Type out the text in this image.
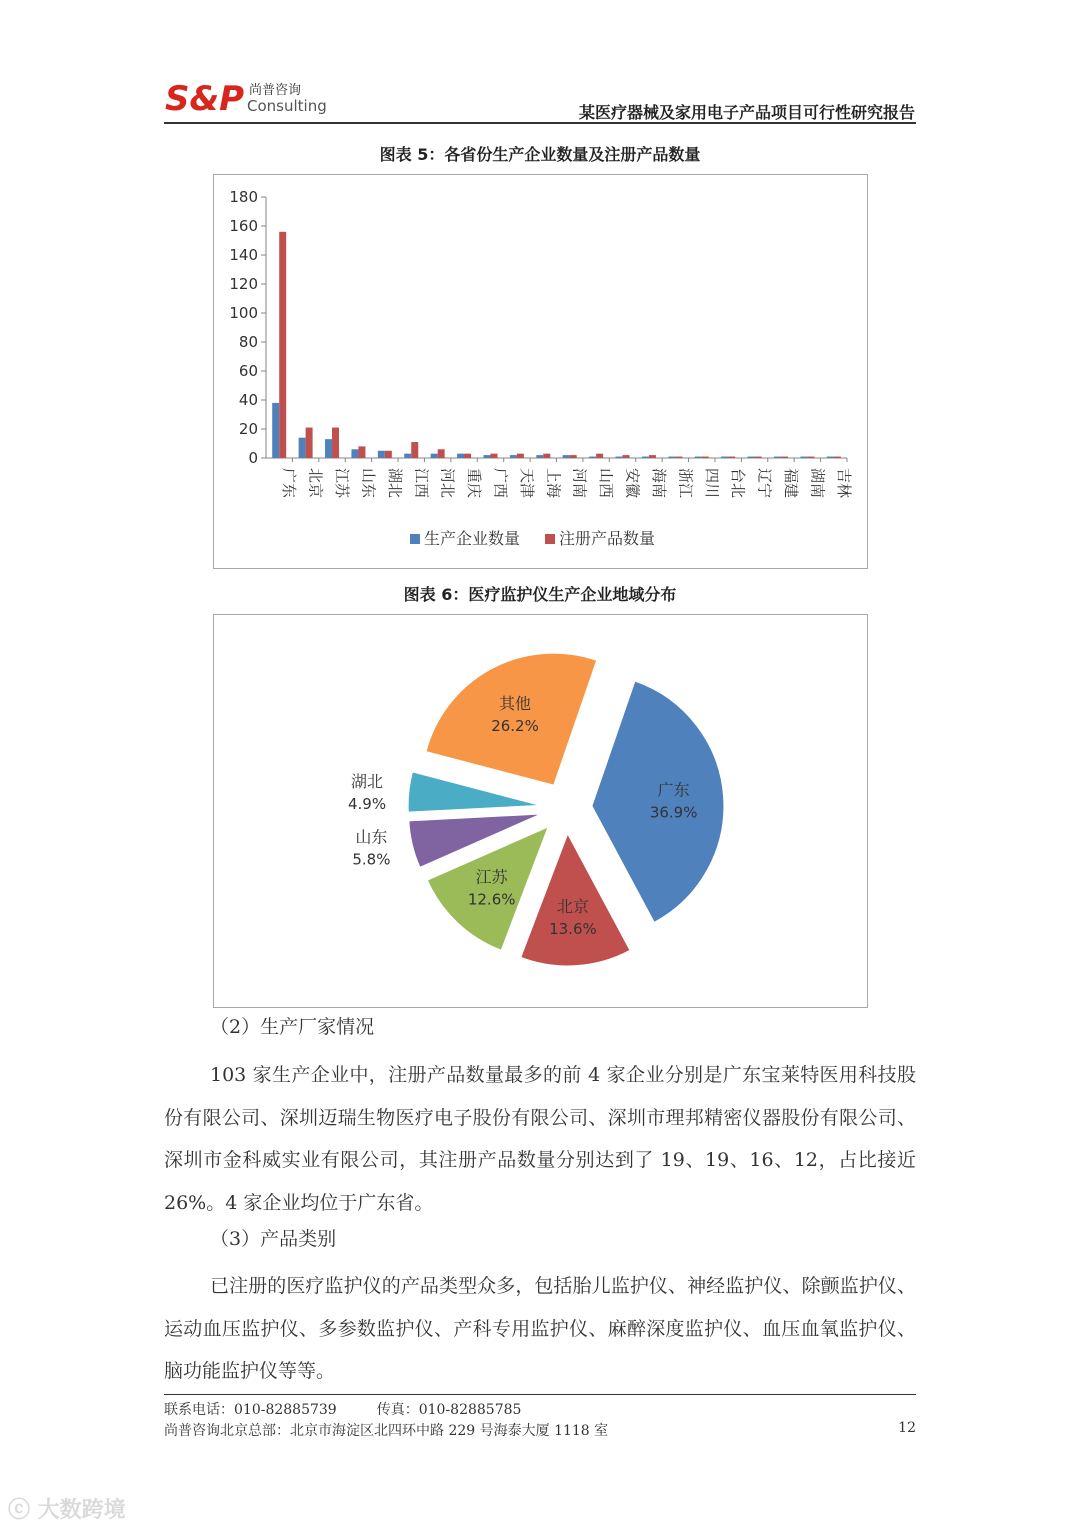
S&P 尚普咨询
Consulting	某医疗器械及家用电子产品项目可行性研究报告
图表 5：各省份生产企业数量及注册产品数量
0
20
40
60
80
100
120
140
160
180
广东 北京 江苏 山东 湖北 江西 河北 重庆 广西 天津 上海 河南 山西 安徽 海南 浙江 四川 台北 辽宁 福建 湖南 吉林
生产企业数量 注册产品数量
图表 6：医疗监护仪生产企业地域分布
广东
36.9%
北京
13.6%
江苏
12.6%
山东
5.8%
湖北
4.9%
其他
26.2%
（2）生产厂家情况
103 家生产企业中，注册产品数量最多的前 4 家企业分别是广东宝莱特医用科技股份有限公司、深圳迈瑞生物医疗电子股份有限公司、深圳市理邦精密仪器股份有限公司、深圳市金科威实业有限公司，其注册产品数量分别达到了 19、19、16、12，占比接近 26%。4 家企业均位于广东省。
（3）产品类别
已注册的医疗监护仪的产品类型众多，包括胎儿监护仪、神经监护仪、除颤监护仪、运动血压监护仪、多参数监护仪、产科专用监护仪、麻醉深度监护仪、血压血氧监护仪、脑功能监护仪等等。
联系电话：010-82885739	传真：010-82885785
尚普咨询北京总部：北京市海淀区北四环中路 229 号海泰大厦 1118 室	12
ⓒ 大数跨境
